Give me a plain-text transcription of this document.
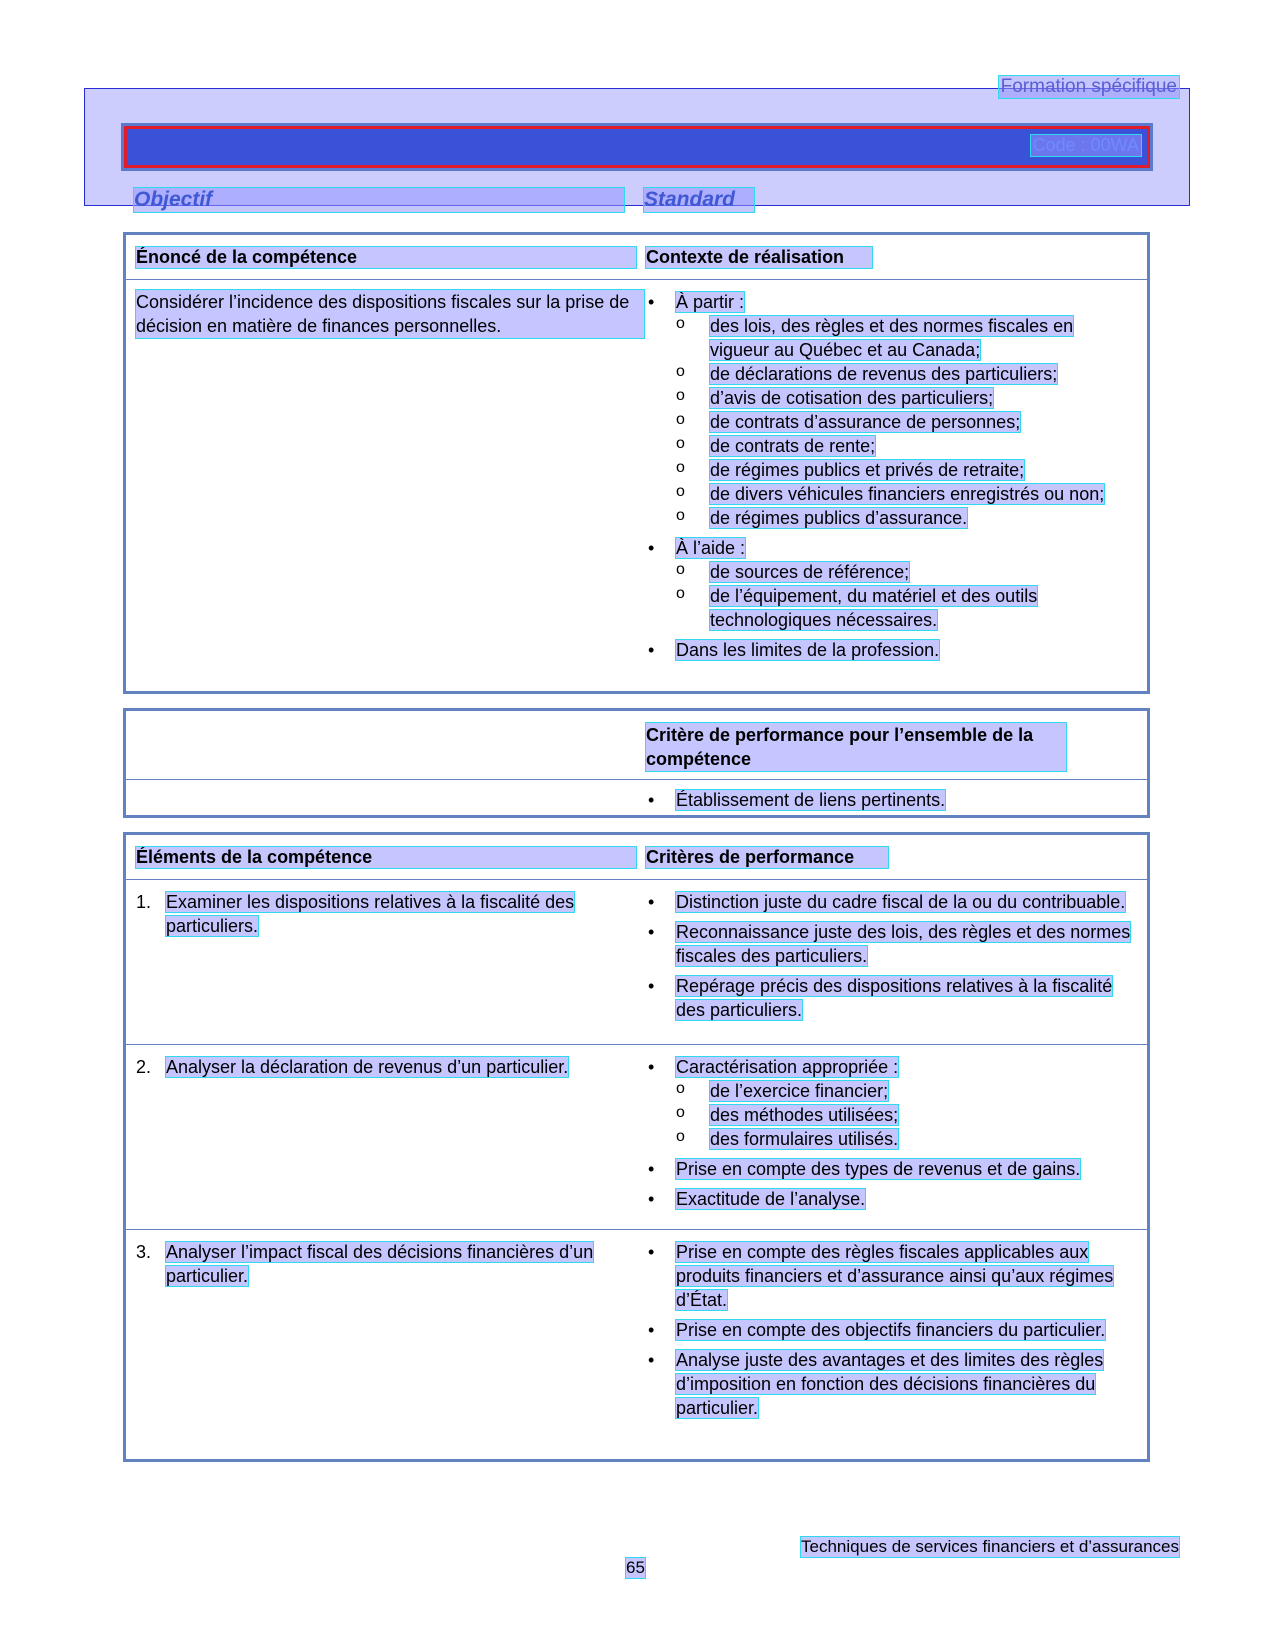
Formation spécifique
Code : 00WA
Objectif	Standard
Énoncé de la compétence	Contexte de réalisation
Considérer l’incidence des dispositions fiscales sur la prise de décision en matière de finances personnelles.
• À partir :
o des lois, des règles et des normes fiscales en vigueur au Québec et au Canada;
o de déclarations de revenus des particuliers;
o d’avis de cotisation des particuliers;
o de contrats d’assurance de personnes;
o de contrats de rente;
o de régimes publics et privés de retraite;
o de divers véhicules financiers enregistrés ou non;
o de régimes publics d’assurance.
• À l’aide :
o de sources de référence;
o de l’équipement, du matériel et des outils technologiques nécessaires.
• Dans les limites de la profession.
Critère de performance pour l’ensemble de la compétence
• Établissement de liens pertinents.
Éléments de la compétence	Critères de performance
1. Examiner les dispositions relatives à la fiscalité des particuliers.
• Distinction juste du cadre fiscal de la ou du contribuable.
• Reconnaissance juste des lois, des règles et des normes fiscales des particuliers.
• Repérage précis des dispositions relatives à la fiscalité des particuliers.
2. Analyser la déclaration de revenus d’un particulier.
•	Caractérisation appropriée :
o de l’exercice financier;
o des méthodes utilisées;
o des formulaires utilisés.
• Prise en compte des types de revenus et de gains.
• Exactitude de l’analyse.
3. Analyser l’impact fiscal des décisions financières d’un particulier.
• Prise en compte des règles fiscales applicables aux produits financiers et d’assurance ainsi qu’aux régimes d’État.
• Prise en compte des objectifs financiers du particulier.
• Analyse juste des avantages et des limites des règles d’imposition en fonction des décisions financières du particulier.
Techniques de services financiers et d’assurances
65
